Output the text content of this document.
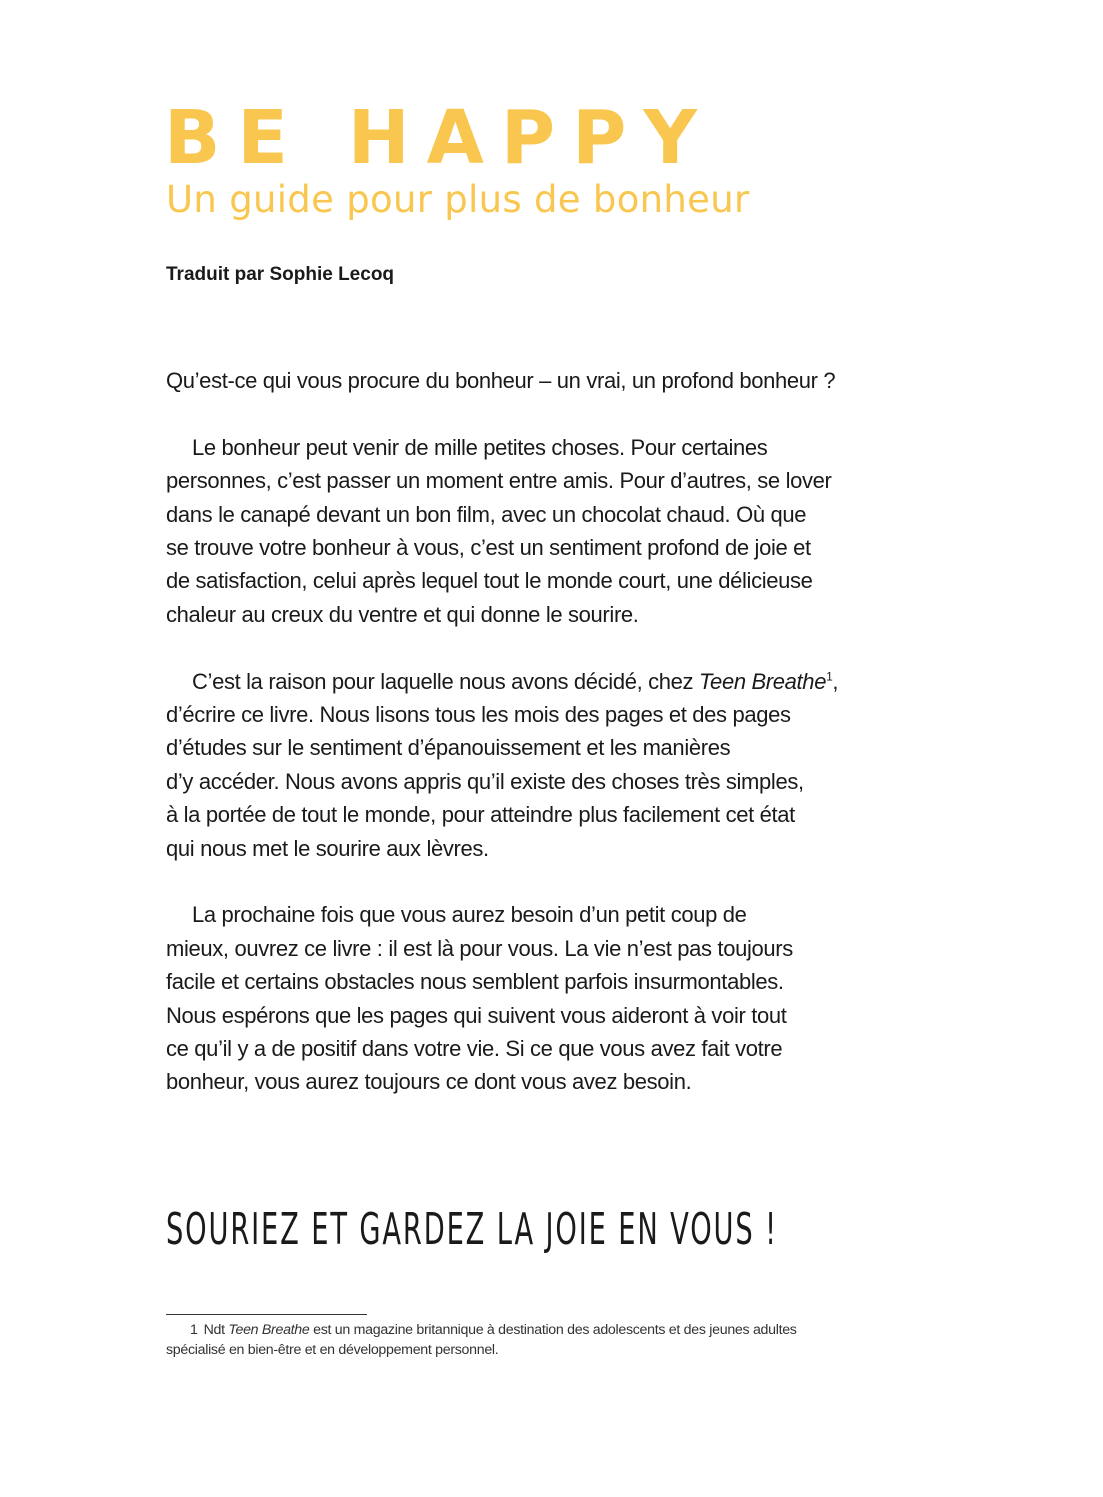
BE HAPPY
Un guide pour plus de bonheur
Traduit par Sophie Lecoq

Qu’est-ce qui vous procure du bonheur – un vrai, un profond bonheur ?

Le bonheur peut venir de mille petites choses. Pour certaines
personnes, c’est passer un moment entre amis. Pour d’autres, se lover
dans le canapé devant un bon film, avec un chocolat chaud. Où que
se trouve votre bonheur à vous, c’est un sentiment profond de joie et
de satisfaction, celui après lequel tout le monde court, une délicieuse
chaleur au creux du ventre et qui donne le sourire.

C’est la raison pour laquelle nous avons décidé, chez Teen Breathe$^1$,
d’écrire ce livre. Nous lisons tous les mois des pages et des pages
d’études sur le sentiment d’épanouissement et les manières
d’y accéder. Nous avons appris qu’il existe des choses très simples,
à la portée de tout le monde, pour atteindre plus facilement cet état
qui nous met le sourire aux lèvres.

La prochaine fois que vous aurez besoin d’un petit coup de
mieux, ouvrez ce livre : il est là pour vous. La vie n’est pas toujours
facile et certains obstacles nous semblent parfois insurmontables.
Nous espérons que les pages qui suivent vous aideront à voir tout
ce qu’il y a de positif dans votre vie. Si ce que vous avez fait votre
bonheur, vous aurez toujours ce dont vous avez besoin.

SOURIEZ ET GARDEZ LA JOIE EN VOUS !
1 Ndt Teen Breathe est un magazine britannique à destination des adolescents et des jeunes adultes
spécialisé en bien-être et en développement personnel.
